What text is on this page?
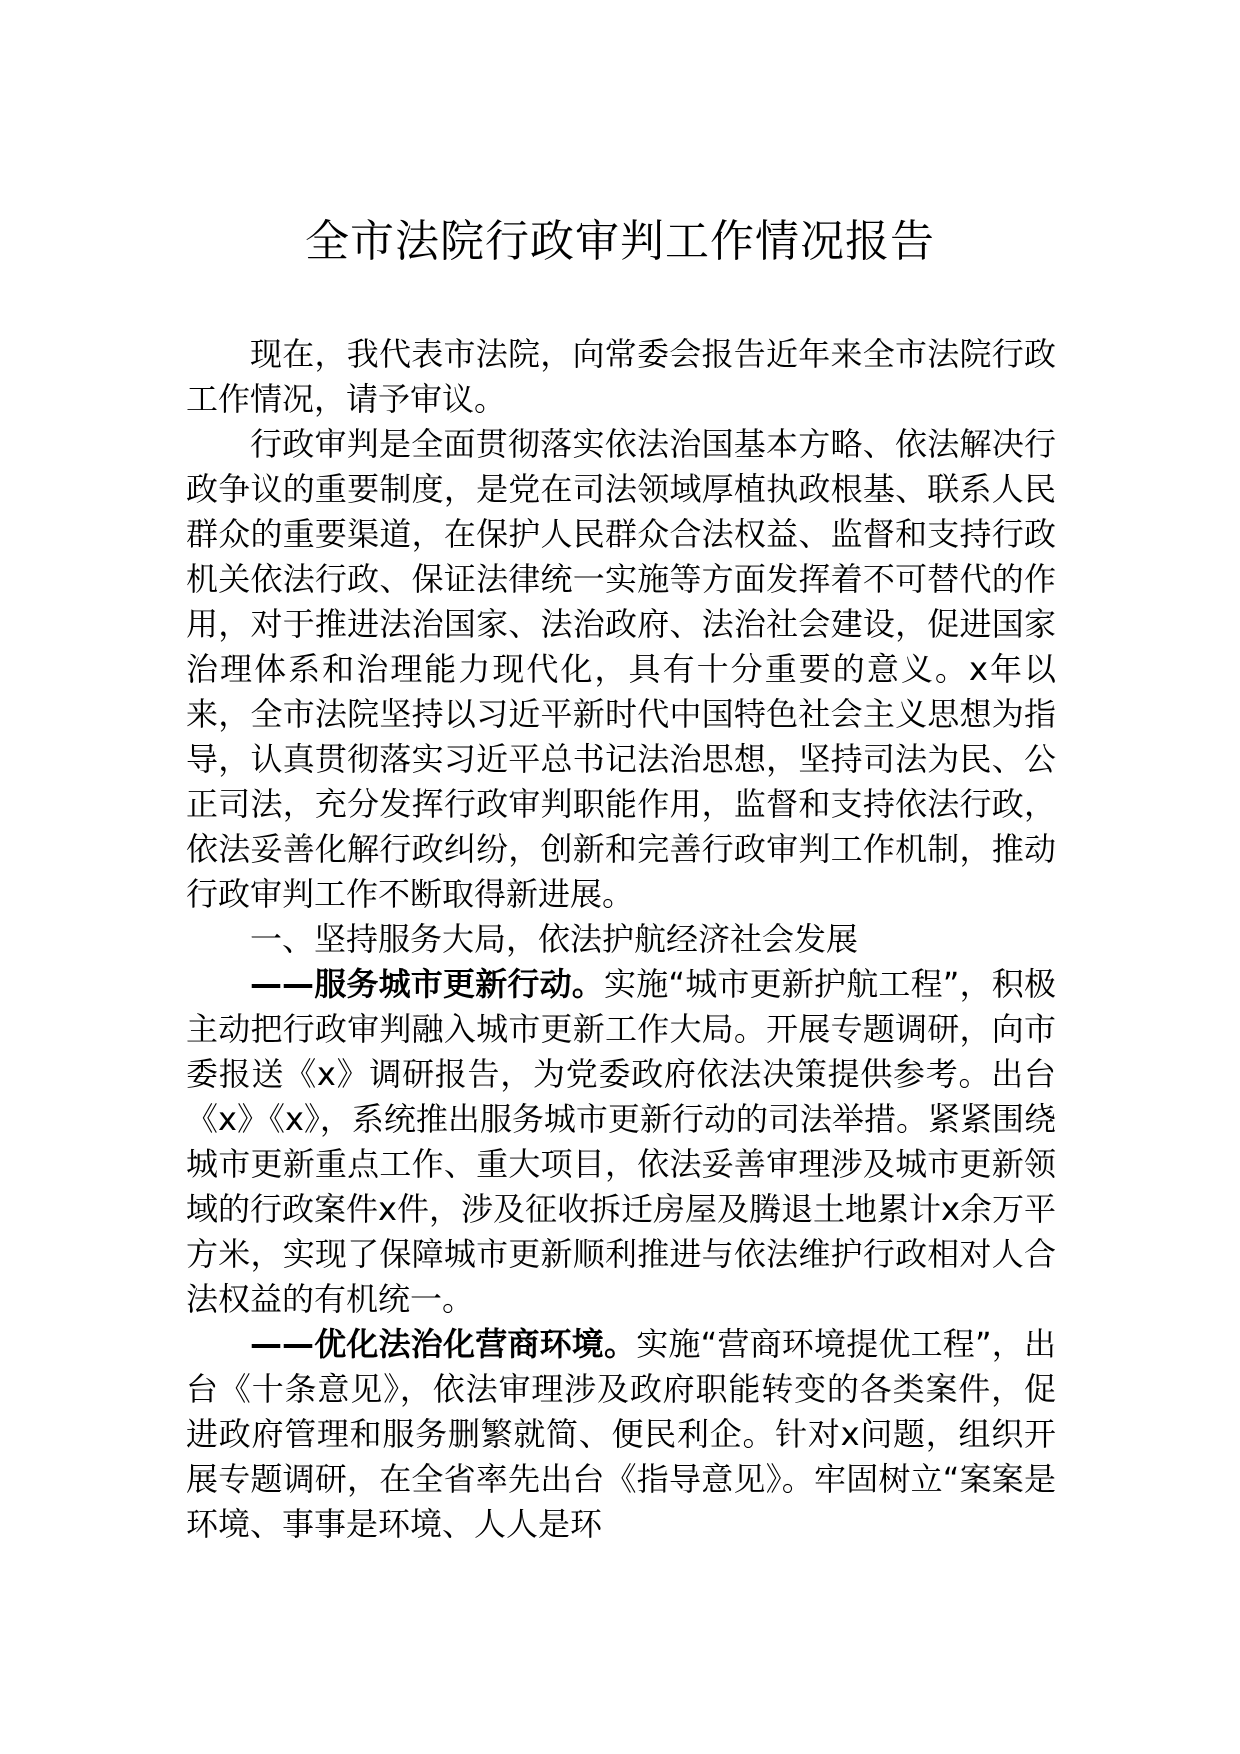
全市法院行政审判工作情况报告

现在，我代表市法院，向常委会报告近年来全市法院行政工作情况，请予审议。

行政审判是全面贯彻落实依法治国基本方略、依法解决行政争议的重要制度，是党在司法领域厚植执政根基、联系人民群众的重要渠道，在保护人民群众合法权益、监督和支持行政机关依法行政、保证法律统一实施等方面发挥着不可替代的作用，对于推进法治国家、法治政府、法治社会建设，促进国家治理体系和治理能力现代化，具有十分重要的意义。x年以来，全市法院坚持以习近平新时代中国特色社会主义思想为指导，认真贯彻落实习近平总书记法治思想，坚持司法为民、公正司法，充分发挥行政审判职能作用，监督和支持依法行政，依法妥善化解行政纠纷，创新和完善行政审判工作机制，推动行政审判工作不断取得新进展。

一、坚持服务大局，依法护航经济社会发展

——服务城市更新行动。实施“城市更新护航工程”，积极主动把行政审判融入城市更新工作大局。开展专题调研，向市委报送《x》调研报告，为党委政府依法决策提供参考。出台《x》《x》，系统推出服务城市更新行动的司法举措。紧紧围绕城市更新重点工作、重大项目，依法妥善审理涉及城市更新领域的行政案件x件，涉及征收拆迁房屋及腾退土地累计x余万平方米，实现了保障城市更新顺利推进与依法维护行政相对人合法权益的有机统一。

——优化法治化营商环境。实施“营商环境提优工程”，出台《十条意见》，依法审理涉及政府职能转变的各类案件，促进政府管理和服务删繁就简、便民利企。针对x问题，组织开展专题调研，在全省率先出台《指导意见》。牢固树立“案案是环境、事事是环境、人人是环
